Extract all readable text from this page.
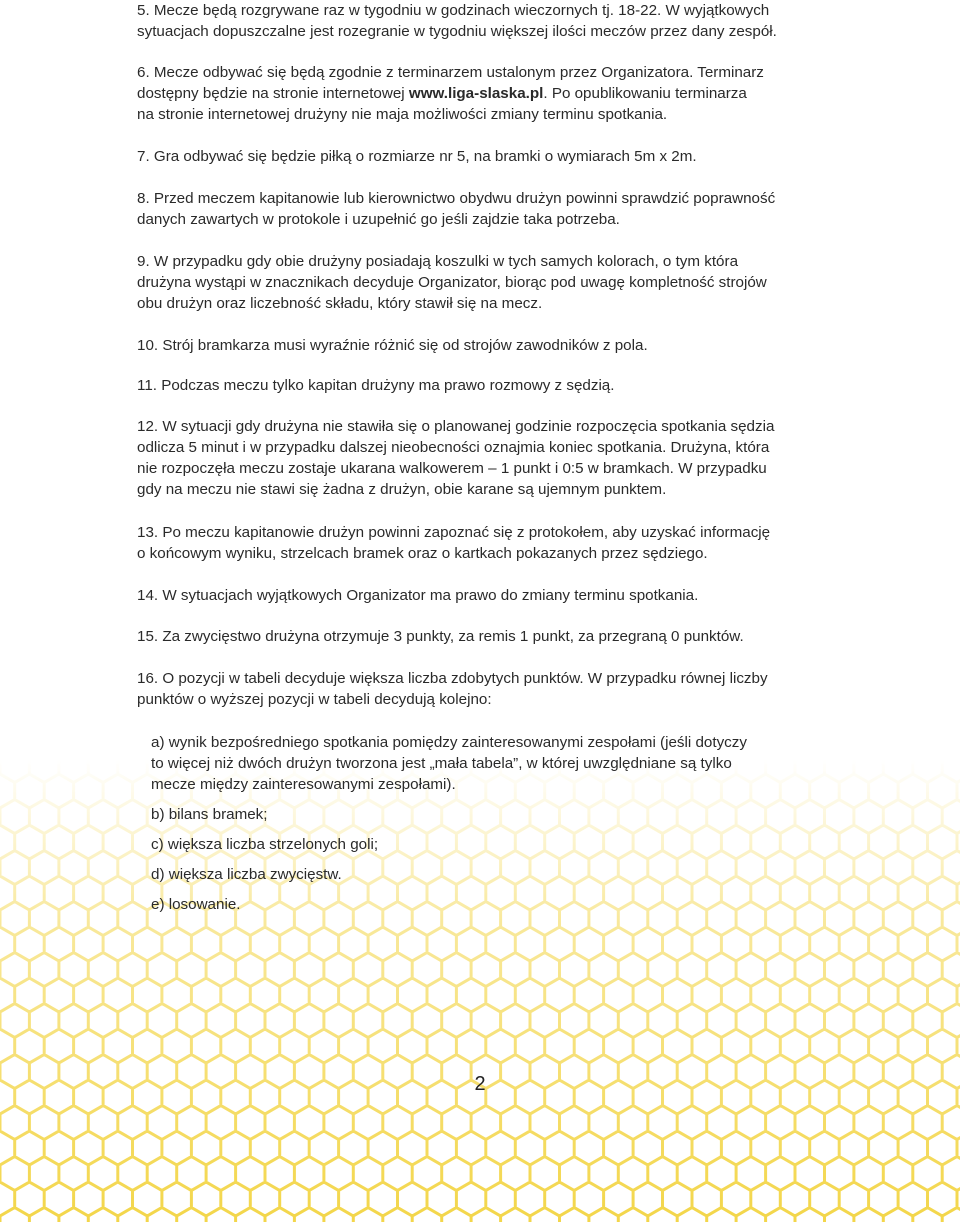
5. Mecze będą rozgrywane raz w tygodniu w godzinach wieczornych tj. 18-22. W wyjątkowych
sytuacjach dopuszczalne jest rozegranie w tygodniu większej ilości meczów przez dany zespół.

6. Mecze odbywać się będą zgodnie z terminarzem ustalonym przez Organizatora. Terminarz
dostępny będzie na stronie internetowej www.liga-slaska.pl. Po opublikowaniu terminarza
na stronie internetowej drużyny nie maja możliwości zmiany terminu spotkania.

7. Gra odbywać się będzie piłką o rozmiarze nr 5, na bramki o wymiarach 5m x 2m.

8. Przed meczem kapitanowie lub kierownictwo obydwu drużyn powinni sprawdzić poprawność
danych zawartych w protokole i uzupełnić go jeśli zajdzie taka potrzeba.

9. W przypadku gdy obie drużyny posiadają koszulki w tych samych kolorach, o tym która
drużyna wystąpi w znacznikach decyduje Organizator, biorąc pod uwagę kompletność strojów
obu drużyn oraz liczebność składu, który stawił się na mecz.

10. Strój bramkarza musi wyraźnie różnić się od strojów zawodników z pola.

11. Podczas meczu tylko kapitan drużyny ma prawo rozmowy z sędzią.

12. W sytuacji gdy drużyna nie stawiła się o planowanej godzinie rozpoczęcia spotkania sędzia
odlicza 5 minut i w przypadku dalszej nieobecności oznajmia koniec spotkania. Drużyna, która
nie rozpoczęła meczu zostaje ukarana walkowerem – 1 punkt i 0:5 w bramkach. W przypadku
gdy na meczu nie stawi się żadna z drużyn, obie karane są ujemnym punktem.

13. Po meczu kapitanowie drużyn powinni zapoznać się z protokołem, aby uzyskać informację
o końcowym wyniku, strzelcach bramek oraz o kartkach pokazanych przez sędziego.

14. W sytuacjach wyjątkowych Organizator ma prawo do zmiany terminu spotkania.

15. Za zwycięstwo drużyna otrzymuje 3 punkty, za remis 1 punkt, za przegraną 0 punktów.

16. O pozycji w tabeli decyduje większa liczba zdobytych punktów. W przypadku równej liczby
punktów o wyższej pozycji w tabeli decydują kolejno:

a) wynik bezpośredniego spotkania pomiędzy zainteresowanymi zespołami (jeśli dotyczy
to więcej niż dwóch drużyn tworzona jest „mała tabela”, w której uwzględniane są tylko
mecze między zainteresowanymi zespołami).

b) bilans bramek;

c) większa liczba strzelonych goli;

d) większa liczba zwycięstw.

e) losowanie.

2
